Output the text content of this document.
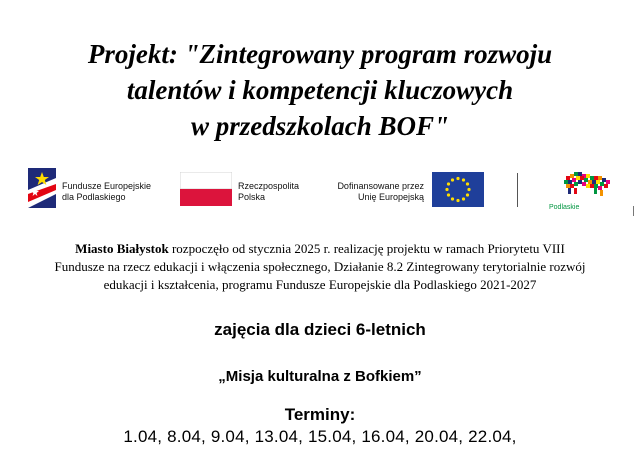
Projekt: "Zintegrowany program rozwoju
talentów i kompetencji kluczowych
w przedszkolach BOF"
Fundusze Europejskie
dla Podlaskiego
Rzeczpospolita
Polska
Dofinansowane przez
Unię Europejską
Podlaskie
Miasto Białystok rozpoczęło od stycznia 2025 r. realizację projektu w ramach Priorytetu VIII
Fundusze na rzecz edukacji i włączenia społecznego, Działanie 8.2 Zintegrowany terytorialnie rozwój
edukacji i kształcenia, programu Fundusze Europejskie dla Podlaskiego 2021-2027
zajęcia dla dzieci 6-letnich
„Misja kulturalna z Bofkiem”
Terminy:
1.04, 8.04, 9.04, 13.04, 15.04, 16.04, 20.04, 22.04,
